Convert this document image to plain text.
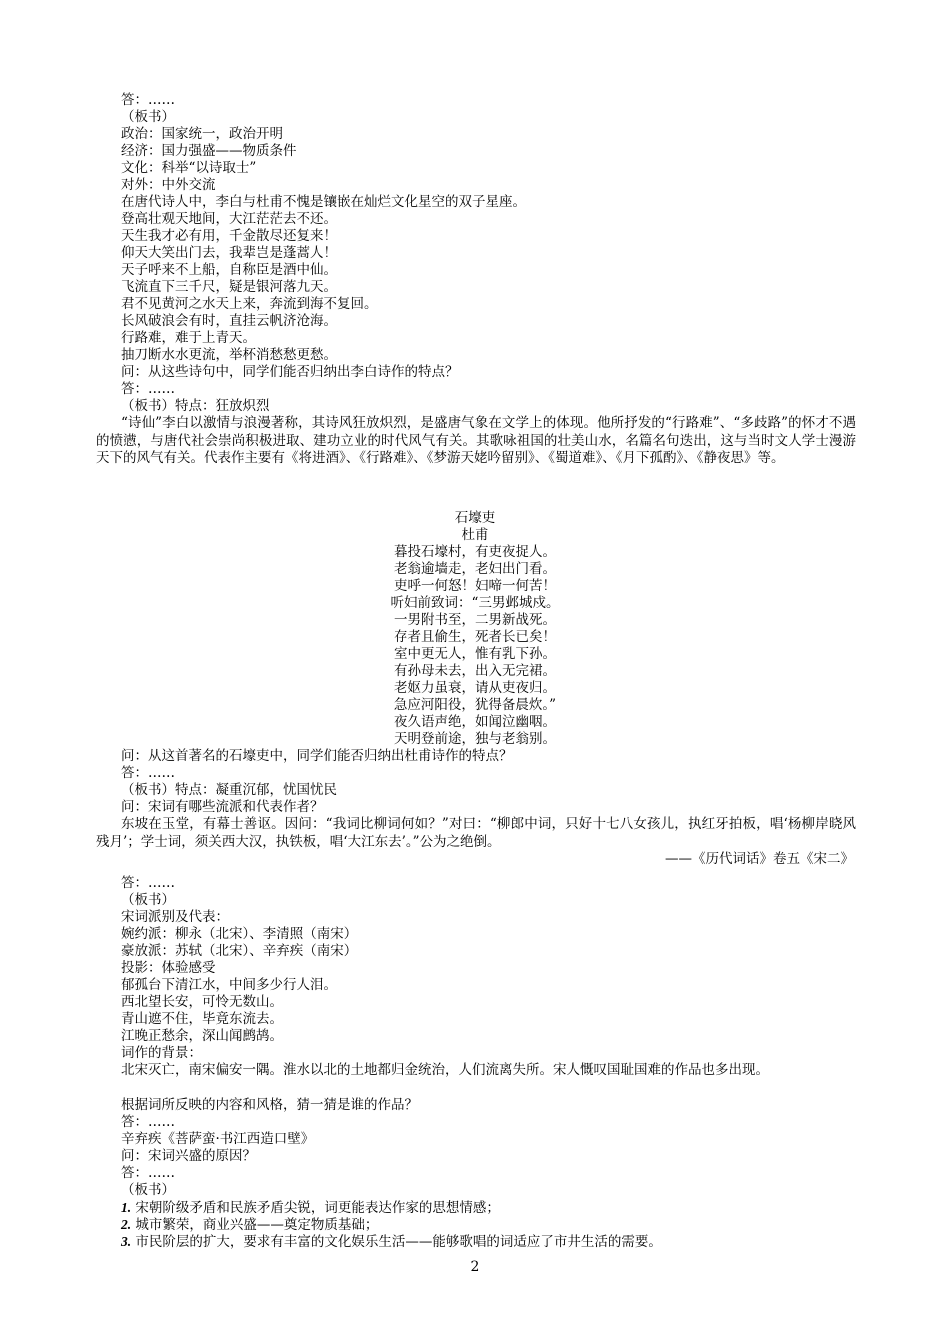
答：……
（板书）
政治：国家统一，政治开明
经济：国力强盛——物质条件
文化：科举“以诗取士”
对外：中外交流
在唐代诗人中，李白与杜甫不愧是镶嵌在灿烂文化星空的双子星座。
登高壮观天地间，大江茫茫去不还。
天生我才必有用，千金散尽还复来！
仰天大笑出门去，我辈岂是蓬蒿人！
天子呼来不上船，自称臣是酒中仙。
飞流直下三千尺，疑是银河落九天。
君不见黄河之水天上来，奔流到海不复回。
长风破浪会有时，直挂云帆济沧海。
行路难，难于上青天。
抽刀断水水更流，举杯消愁愁更愁。
问：从这些诗句中，同学们能否归纳出李白诗作的特点？
答：……
（板书）特点：狂放炽烈
“诗仙”李白以激情与浪漫著称，其诗风狂放炽烈，是盛唐气象在文学上的体现。他所抒发的“行路难”、“多歧路”的怀才不遇的愤懑，与唐代社会崇尚积极进取、建功立业的时代风气有关。其歌咏祖国的壮美山水，名篇名句迭出，这与当时文人学士漫游天下的风气有关。代表作主要有《将进酒》、《行路难》、《梦游天姥吟留别》、《蜀道难》、《月下孤酌》、《静夜思》等。
石壕吏
杜甫
暮投石壕村，有吏夜捉人。
老翁逾墙走，老妇出门看。
吏呼一何怒！妇啼一何苦！
听妇前致词：“三男邺城戍。
一男附书至，二男新战死。
存者且偷生，死者长已矣！
室中更无人，惟有乳下孙。
有孙母未去，出入无完裙。
老妪力虽衰，请从吏夜归。
急应河阳役，犹得备晨炊。”
夜久语声绝，如闻泣幽咽。
天明登前途，独与老翁别。
问：从这首著名的石壕吏中，同学们能否归纳出杜甫诗作的特点？
答：……
（板书）特点：凝重沉郁，忧国忧民
问：宋词有哪些流派和代表作者？
东坡在玉堂，有幕士善讴。因问：“我词比柳词何如？”对曰：“柳郎中词，只好十七八女孩儿，执红牙拍板，唱‘杨柳岸晓风残月’；学士词，须关西大汉，执铁板，唱‘大江东去’。”公为之绝倒。
——《历代词话》卷五《宋二》
答：……
（板书）
宋词派别及代表：
婉约派：柳永（北宋）、李清照（南宋）
豪放派：苏轼（北宋）、辛弃疾（南宋）
投影：体验感受
郁孤台下清江水，中间多少行人泪。
西北望长安，可怜无数山。
青山遮不住，毕竟东流去。
江晚正愁余，深山闻鹧鸪。
词作的背景：
北宋灭亡，南宋偏安一隅。淮水以北的土地都归金统治，人们流离失所。宋人慨叹国耻国难的作品也多出现。
根据词所反映的内容和风格，猜一猜是谁的作品？
答：……
辛弃疾《菩萨蛮·书江西造口壁》
问：宋词兴盛的原因？
答：……
（板书）
1. 宋朝阶级矛盾和民族矛盾尖锐，词更能表达作家的思想情感；
2. 城市繁荣，商业兴盛——奠定物质基础；
3. 市民阶层的扩大，要求有丰富的文化娱乐生活——能够歌唱的词适应了市井生活的需要。
2
